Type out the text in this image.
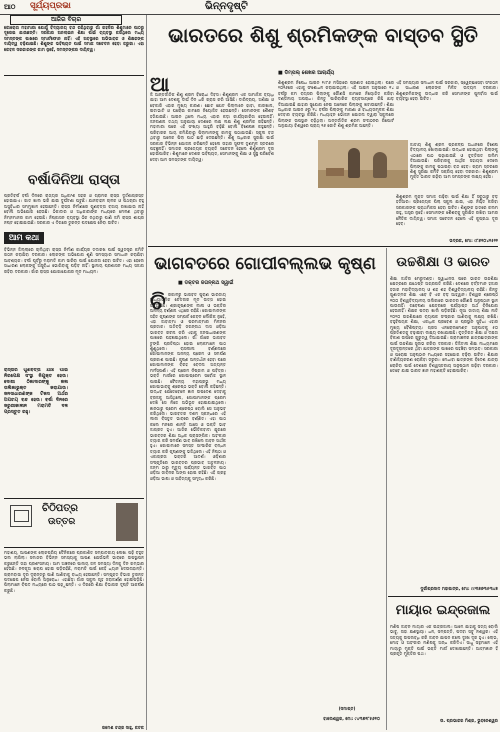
ଆଠ ସୂର୍ଯ୍ୟପ୍ରଭା	ଭିନ୍ନଦୃଷ୍ଟି
ଆଜିର ବିଚାର
କୋରୋନା ମହାମାରୀ ଯୋଗୁଁ ବିଦ୍ୟାଳୟ ବନ୍ଦ ରହିଥିବାରୁ ଗାଁ ଗହଳିର ଶିଶୁମାନେ ପାଠରୁ ଦୂରେଇ ଯାଉଛନ୍ତି। ସରକାର ଅନଲାଇନ ଶିକ୍ଷା ପାଇଁ ବ୍ୟବସ୍ଥା କରିଥିଲେ ମଧ୍ୟ ସମସ୍ତଙ୍କ ପାଖରେ ସ୍ମାର୍ଟଫୋନ ନାହିଁ। ଏହି ଅବସ୍ଥାରେ ଅଭିଭାବକ ଓ ଶିକ୍ଷକଙ୍କ ଦାୟିତ୍ୱ ବଢ଼ିଯାଇଛି। ଶିଶୁଙ୍କ ଭବିଷ୍ୟତ ପାଇଁ ସମାଜ ସଚେତନ ହେବା ଜରୁରୀ। ଏହା କେବଳ ସରକାରଙ୍କ କାମ ନୁହେଁ, ସମସ୍ତଙ୍କର ଦାୟିତ୍ୱ।
ବର୍ଷାଦିନିଆ ରାସ୍ତା
ପ୍ରତିବର୍ଷ ବର୍ଷା ଦିନରେ ରାଜ୍ୟର ଅଧିକାଂଶ ସହର ଓ ଗ୍ରାମର ରାସ୍ତା ଦୁର୍ଦ୍ଦଶାଗ୍ରସ୍ତ ହୋଇଯାଏ। ଗାତ ଖାଲ ଭରି ଯାଇ ଦୁର୍ଘଟଣା ଘଟୁଛି। ଯାନବାହନ ଚାଳକ ଓ ପଥଚାରୀ ବହୁ ଅସୁବିଧାର ସମ୍ମୁଖୀନ ହେଉଛନ୍ତି। ରାସ୍ତା ନିର୍ମାଣରେ ଗୁଣବତ୍ତା ବଜାୟ ରଖାଯାଉ ନାହିଁ ବୋଲି ଅଭିଯୋଗ ହେଉଛି। ଠିକାଦାର ଓ ଅଧିକାରୀଙ୍କ ମଧ୍ୟରେ ମେଳଣ ଥିବାରୁ ନିମ୍ନମାନର କାମ ହେଉଛି। ନିଷ୍କାସନ ବ୍ୟବସ୍ଥା ଠିକ ନଥିବାରୁ ପାଣି ଜମି ରାସ୍ତା ଶୀଘ୍ର ନଷ୍ଟ ହୋଇଯାଉଛି। ସରକାର ଏ ଦିଗରେ ତୁରନ୍ତ ପଦକ୍ଷେପ ନେବା ଉଚିତ।
ଆମ କଥା
ବିଭିନ୍ନ ଜିଲ୍ଲାରେ ଚାଲିଥିବା ରାସ୍ତା ନିର୍ମାଣ କାର୍ଯ୍ୟର ତଦାରଖ ପାଇଁ ସ୍ୱତନ୍ତ୍ର କମିଟି ଗଠନ କରାଯିବା ଦରକାର। ଲୋକଙ୍କ ଅଭିଯୋଗ ଶୁଣି ସମସ୍ୟାର ସମାଧାନ କରାଯିବା ଆବଶ୍ୟକ। ବର୍ଷା ପୂର୍ବରୁ ମରାମତି କାମ ସାରିବା ପାଇଁ ଯୋଜନା ହେବା ଉଚିତ। ଏହା ହେଲେ ସାଧାରଣ ଲୋକଙ୍କୁ ଅସୁବିଧା ଭୋଗିବାକୁ ପଡ଼ିବ ନାହିଁ। ସ୍ଥାନୀୟ ପ୍ରଶାସନ ମଧ୍ୟ ସଜାଗ ରହିବା ଦରକାର। ଗାଁର ରାସ୍ତା ଯୋଗାଯୋଗର ମୂଳ ମାଧ୍ୟମ।
ରାସ୍ତାର ଗୁଣବତ୍ତା ଯାଞ୍ଚ ପାଇଁ ନିରପେକ୍ଷ ସଂସ୍ଥା ନିଯୁକ୍ତ ହେଉ। ଦୋଷୀ ଠିକାଦାରଙ୍କୁ କଳା ତାଲିକାଭୁକ୍ତ କରାଯାଉ। ଜନସାଧାରଣଙ୍କ ଟିକସ ଅର୍ଥର ଅପଚୟ ବନ୍ଦ ହେଉ। ବର୍ଷା ଦିନରେ ଜରୁରୀକାଳୀନ ମରାମତି ଦଳ ପ୍ରସ୍ତୁତ ରହୁ।
ଚିଠିପତ୍ର
ଉତ୍ତର
ମହାଶୟ, ଆପଣଙ୍କ ଲୋକପ୍ରିୟ ଦୈନିକରେ ପ୍ରକାଶିତ ସମ୍ପାଦକୀୟ ଲେଖା ପଢ଼ି ବହୁତ ଭଲ ଲାଗିଲା। ସମାଜର ବିଭିନ୍ନ ସମସ୍ୟାକୁ ଆପଣ ଯେଉଁଭଳି ଭାବରେ ଉପସ୍ଥାପନ କରୁଛନ୍ତି ତାହା ପ୍ରଶଂସନୀୟ। ଆମ ଅଞ୍ଚଳରେ ପାନୀୟ ଜଳ ସମସ୍ୟା ଦିନକୁ ଦିନ ଗମ୍ଭୀର ହେଉଛି। ନଳକୂଅ ଖରାପ ହୋଇ ପଡ଼ିରହିଛି, ମରାମତି ପାଇଁ କେହି ଧ୍ୟାନ ଦେଉନାହାନ୍ତି। ଗ୍ରାମବାସୀ ଦୂର ଦୂରାନ୍ତରୁ ପାଣି ଆଣିବାକୁ ବାଧ୍ୟ ହେଉଛନ୍ତି। ସମ୍ପୃକ୍ତ ବିଭାଗ ତୁରନ୍ତ ପଦକ୍ଷେପ ନେଉ ବୋଲି ଅନୁରୋଧ। ଏହାଛଡ଼ା ଗାଁର ସ୍କୁଲ ଗୃହ ଜରାଜୀର୍ଣ୍ଣ ହୋଇପଡ଼ିଛି। ପିଲାମାନେ ବିପଦ ମଧ୍ୟରେ ପାଠ ପଢ଼ୁଛନ୍ତି। ଏ ଦିଗରେ ଶିକ୍ଷା ବିଭାଗର ଦୃଷ୍ଟି ଆକର୍ଷଣ କରୁଛି।
ରମେଶ ଚନ୍ଦ୍ର ସାହୁ, କଟକ
ଭାରତରେ ଶିଶୁ ଶ୍ରମିକଙ୍କ ବାସ୍ତବ ସ୍ଥିତି
■ ଡିମ୍ପଲ୍ ଶେଖର ଆଚାର୍ଯ୍ୟ
ଆ
ଜି ଆନ୍ତର୍ଜାତିକ ଶିଶୁ ଶ୍ରମ ବିରୋଧୀ ଦିବସ। ଶିଶୁଶ୍ରମ ଏକ ସାମାଜିକ ବ୍ୟାଧି ଯାହା ଆମ ଦେଶକୁ ଦୀର୍ଘ ଦିନ ଧରି ଗ୍ରାସ କରି ଆସିଛି। ଦାରିଦ୍ର୍ୟ, ଅଶିକ୍ଷା ଓ ବେକାରି ଏହାର ମୁଖ୍ୟ କାରଣ। ଛୋଟ ଛୋଟ ପିଲାମାନେ ଢାବା, କାରଖାନା, ଇଟାଭାଟି ଓ ଘରୋଇ କାମରେ ନିୟୋଜିତ ହେଉଛନ୍ତି। ସେମାନଙ୍କ ଶୈଶବ ହଜିଯାଉଛି। ଆଇନ ଥିଲେ ମଧ୍ୟ ଏହାର କଡ଼ା କାର୍ଯ୍ୟକାରିତା ହେଉନାହିଁ। ଜନଗଣନା ତଥ୍ୟ ଅନୁଯାୟୀ ଦେଶରେ ଲକ୍ଷ ଲକ୍ଷ ଶିଶୁ ଶ୍ରମିକ ରହିଛନ୍ତି। ମହାମାରୀ ପରେ ଏହି ସଂଖ୍ୟା ଆହୁରି ବଢ଼ିଛି ବୋଲି ବିଶେଷଜ୍ଞ କହୁଛନ୍ତି। ପରିବାରର ଆୟ କମିଯିବାରୁ ପିଲାମାନଙ୍କୁ କାମକୁ ପଠାଯାଉଛି। ସ୍କୁଲ ବନ୍ଦ ଥିବାରୁ ଅନେକ ପିଲା ପାଠ ଛାଡ଼ି ଦେଇଛନ୍ତି। ଶିଶୁ ଅଧିକାର ସୁରକ୍ଷା ପାଇଁ ସରକାର ବିଭିନ୍ନ ଯୋଜନା କରିଛନ୍ତି ହେଲେ ତାହାର ସୁଫଳ ତୃଣମୂଳ ସ୍ତରରେ ପହଞ୍ଚୁନାହିଁ। ସମାଜର ପ୍ରତ୍ୟେକ ବ୍ୟକ୍ତି ସଚେତନ ହେଲେ ଶିଶୁଶ୍ରମ ଦୂର ହୋଇପାରିବ। ଶିଶୁମାନେ ଦେଶର ଭବିଷ୍ୟତ, ସେମାନଙ୍କୁ ଶିକ୍ଷା ଓ ସୁସ୍ଥ ପରିବେଶ ଦେବା ଆମ ସମସ୍ତଙ୍କ ଦାୟିତ୍ୱ।
ଶିଶୁଶ୍ରମ ନିଷେଧ ଆଇନ ୧୯୮୬ ମସିହାରେ ପ୍ରଣୀତ ହୋଇଥିଲା। ପରେ ୨୦୧୬ରେ ଏହାକୁ ସଂଶୋଧନ କରାଯାଇଥିଲା। ଏହି ଆଇନ ଅନୁସାରେ ୧୪ ବର୍ଷରୁ କମ ବୟସର ପିଲାଙ୍କୁ କୌଣସି କାମରେ ନିୟୋଜିତ କରିବା ଦଣ୍ଡନୀୟ ଅପରାଧ। କିନ୍ତୁ ପାରିବାରିକ ବ୍ୟବସାୟରେ କିଛି ଛାଡ଼ ଦିଆଯାଇଛି ଯାହାର ସୁଯୋଗ ନେଇ ଅନେକେ ପିଲାଙ୍କୁ ଖଟାଉଛନ୍ତି। ଶିକ୍ଷା ଅଧିକାର ଆଇନ ୬ରୁ ୧୪ ବର୍ଷର ପିଲାଙ୍କୁ ମାଗଣା ଓ ବାଧ୍ୟତାମୂଳକ ଶିକ୍ଷା ଦେବାର ବ୍ୟବସ୍ଥା କରିଛି। ମଧ୍ୟାହ୍ନ ଭୋଜନ ଯୋଜନା ଦ୍ୱାରା ସ୍କୁଲରେ ପିଲାଙ୍କ ଉପସ୍ଥାନ ବଢ଼ିଥିଲା। ଅନ୍ତର୍ଜାତିକ ଶ୍ରମ ସଂଗଠନର ରିପୋର୍ଟ ଅନୁଯାୟୀ ବିଶ୍ୱରେ ପ୍ରାୟ ୧୬ କୋଟି ଶିଶୁ ଶ୍ରମିକ ଅଛନ୍ତି।
ଏହି ସମସ୍ୟାର ସମାଧାନ ପାଇଁ ସରକାର, ସ୍ୱେଚ୍ଛାସେବୀ ସଂଗଠନ ଓ ସାଧାରଣ ଲୋକଙ୍କ ମିଳିତ ଉଦ୍ୟମ ଦରକାର। ଶିଶୁଶ୍ରମିକଙ୍କୁ ଉଦ୍ଧାର କରି ସେମାନଙ୍କ ପୁନର୍ବାସ ପାଇଁ ବ୍ୟବସ୍ଥା ହେବା ଉଚିତ।
ଜାତୀୟ ଶିଶୁ ଶ୍ରମ ପ୍ରକଳ୍ପ ଅଧୀନରେ ବିଶେଷ ବିଦ୍ୟାଳୟ ଖୋଲାଯାଇଛି। ଉଦ୍ଧାର ହୋଇଥିବା ପିଲାଙ୍କୁ ଏଠାରେ ପାଠ ପଢ଼ାଯାଉଛି ଓ ବୃତ୍ତିଗତ ତାଲିମ ଦିଆଯାଉଛି। ପରିବାରକୁ ଆର୍ଥିକ ସହାୟତା ଦେଲେ ପିଲାଙ୍କୁ କାମକୁ ପଠାଇବା ବନ୍ଦ ହେବ। ଗ୍ରାମ ସ୍ତରରେ ଶିଶୁ ସୁରକ୍ଷା କମିଟି ସକ୍ରିୟ ହେବା ଦରକାର। ଶିଶୁଶ୍ରମ ମୁକ୍ତ ଭାରତ ଗଢ଼ିବା ଆମ ସମସ୍ତଙ୍କ ଲକ୍ଷ୍ୟ ହେଉ।
ଶିଶୁଶ୍ରମ ମୁକ୍ତ ସମାଜ ଗଢ଼ିବା ପାଇଁ ଶିକ୍ଷା ହିଁ ସବୁଠାରୁ ବଡ଼ ହତିଆର। ପ୍ରତ୍ୟେକ ପିଲା ସ୍କୁଲ ଯାଉ, ଏହା ନିଶ୍ଚିତ କରିବା ସରକାରଙ୍କ ପ୍ରାଥମିକତା ହେବା ଉଚିତ। ଶିଶୁଙ୍କ ହାତରେ କଲମ ରହୁ, ଅସ୍ତ୍ର ନୁହେଁ। ସେମାନଙ୍କ ଶୈଶବକୁ ସୁରକ୍ଷିତ ରଖିବା ଆମର ନୈତିକ ଦାୟିତ୍ୱ। ସମାଜ ସଚେତନ ହେଲେ ଏହି କୁପ୍ରଥା ଦୂର ହେବ।
ଭଦ୍ରକ, ମୋ: ୯୮୬୧୦୪୧୫୨୨
ଭାଗବତରେ ଗୋପୀବଲ୍ଲଭ କୃଷ୍ଣ
■ ଡକ୍ଟର ଜଗନ୍ନାଥ ସ୍ୱାଇଁ
ଚି ରକାଳରୁ ଭାଗବତ ପୁରାଣ ଭାରତୀୟ ଆଧ୍ୟାତ୍ମିକ ଚେତନାର ମୂଳ ଉତ୍ସ ହୋଇ ରହିଆସିଛି। ଶ୍ରୀକୃଷ୍ଣଙ୍କ ଲୀଳା ଓ ଭକ୍ତିର ଅନନ୍ୟ ବର୍ଣ୍ଣନା ଏଥିରେ ରହିଛି। ଗୋପୀମାନଙ୍କ ସହିତ କୃଷ୍ଣଙ୍କ ସମ୍ପର୍କ କେବଳ ଲୌକିକ ନୁହେଁ, ଏହା ଜୀବାତ୍ମା ଓ ପରମାତ୍ମାର ମିଳନର ପ୍ରତୀକ। ଅତିବଡ଼ି ଜଗନ୍ନାଥ ଦାସ ଓଡ଼ିଆ ଭାଗବତ ରଚନା କରି ଏହାକୁ ଜନସାଧାରଣଙ୍କ ପାଖରେ ପହଞ୍ଚାଇଥିଲେ। ଗାଁ ଗାଁରେ ଭାଗବତ ଟୁଙ୍ଗି ପ୍ରତିଷ୍ଠା ହୋଇ ଲୋକମାନେ ପାଠ ଶୁଣୁଥିଲେ। ରାସଲୀଳା ବର୍ଣ୍ଣନାରେ ଗୋପୀମାନଙ୍କ ଅନନ୍ୟ ପ୍ରେମ ଓ ସମର୍ପଣ ପ୍ରକାଶ ପାଇଛି। କୃଷ୍ଣ ଅନ୍ତର୍ଧାନ ହେବା ପରେ ଗୋପୀମାନଙ୍କ ବିରହ ବେଦନା ଅତ୍ୟନ୍ତ ମର୍ମସ୍ପର୍ଶୀ। ଏହି ପ୍ରେମ ନିଷ୍କାମ ଓ ପବିତ୍ର। ଭକ୍ତି ମାର୍ଗରେ ଗୋପୀପ୍ରେମ ସର୍ବୋଚ୍ଚ ସ୍ଥାନ ପାଇଛି। ଚୈତନ୍ୟ ମହାପ୍ରଭୁ ମଧ୍ୟ ଗୋପୀଭାବକୁ ଶ୍ରେଷ୍ଠ ଭକ୍ତି ବୋଲି କହିଛନ୍ତି। ଉଦ୍ଧବ ଯେତେବେଳେ ଜ୍ଞାନ ଉପଦେଶ ଦେବାକୁ ବ୍ରଜକୁ ଆସିଥିଲେ, ଗୋପୀମାନଙ୍କ ପ୍ରେମ ଦେଖି ସେ ନିଜେ ଅଭିଭୂତ ହୋଇଯାଇଥିଲେ। ଜ୍ଞାନଠାରୁ ପ୍ରେମ ଶ୍ରେଷ୍ଠ ବୋଲି ସେ ଅନୁଭବ କରିଥିଲେ। ଭାଗବତର ଦଶମ ସ୍କନ୍ଧରେ ଏହି ଲୀଳା ବିସ୍ତୃତ ଭାବରେ ବର୍ଣ୍ଣିତ। ଏହା ପାଠ କଲେ ମନରେ ଶାନ୍ତି ଆସେ ଓ ଭକ୍ତି ଭାବ ଜାଗ୍ରତ ହୁଏ। ଆଜିର ଭୌତିକବାଦୀ ଯୁଗରେ ଭାଗବତର ଶିକ୍ଷା ଅଧିକ ପ୍ରାସଙ୍ଗିକ। ଅହଂକାର ତ୍ୟାଗ କରି ସମର୍ପଣ ଭାବ ରଖିଲେ ଜୀବନ ସାର୍ଥକ ହୁଏ। ଗୋପୀମାନେ ସମସ୍ତ ସାଂସାରିକ ବନ୍ଧନ ତ୍ୟାଗ କରି କୃଷ୍ଣଙ୍କୁ ଭଜିଥିଲେ। ଏହି ନିଷ୍ଠା ଓ ଏକାଗ୍ରତା ଭକ୍ତର ଆଦର୍ଶ। ଓଡ଼ିଶାର ସଂସ୍କୃତିରେ ଭାଗବତର ପ୍ରଭାବ ଅତୁଳନୀୟ। ଜନ୍ମ ଠାରୁ ମୃତ୍ୟୁ ପର୍ଯ୍ୟନ୍ତ ଭାଗବତ ପାଠ ଓଡ଼ିଆ ଜୀବନର ଅଙ୍ଗ ହୋଇ ରହିଛି। ଏହି ଗ୍ରନ୍ଥ ଓଡ଼ିଆ ଭାଷା ଓ ସାହିତ୍ୟକୁ ସମୃଦ୍ଧ କରିଛି।
(ସମାପ୍ତ)
ବାଲେଶ୍ୱର, ମୋ: ୯୪୩୭୨୮୫୬୧୦
ଉଚ୍ଚଶିକ୍ଷା ଓ ଭାରତ
ଶିକ୍ଷା ଜାତିର ମେରୁଦଣ୍ଡ। ସ୍ୱାଧୀନତା ପରେ ଭାରତ ଉଚ୍ଚଶିକ୍ଷା କ୍ଷେତ୍ରରେ ଯଥେଷ୍ଟ ଅଗ୍ରଗତି କରିଛି। ଦେଶରେ ବର୍ତ୍ତମାନ ହଜାର ହଜାର ମହାବିଦ୍ୟାଳୟ ଓ ଶହ ଶହ ବିଶ୍ୱବିଦ୍ୟାଳୟ ରହିଛି। କିନ୍ତୁ ଗୁଣାତ୍ମକ ଶିକ୍ଷା ଏବେ ବି ଏକ ବଡ଼ ଆହ୍ୱାନ। ବିଶ୍ୱର ଶ୍ରେଷ୍ଠ ୧୦୦ ବିଶ୍ୱବିଦ୍ୟାଳୟ ତାଲିକାରେ ଭାରତର କୌଣସି ଅନୁଷ୍ଠାନ ସ୍ଥାନ ପାଉନାହିଁ। ଗବେଷଣା କ୍ଷେତ୍ରରେ ପର୍ଯ୍ୟାପ୍ତ ଅର୍ଥ ବିନିଯୋଗ ହେଉନାହିଁ। ଶିକ୍ଷକ ପଦବୀ ଖାଲି ପଡ଼ିରହିଛି। ନୂଆ ଜାତୀୟ ଶିକ୍ଷା ନୀତି ୨୦୨୦ ଉଚ୍ଚଶିକ୍ଷାରେ ବ୍ୟାପକ ସଂସ୍କାର ଆଣିବାକୁ ଲକ୍ଷ୍ୟ ରଖିଛି। ବହୁବିଷୟକ ଶିକ୍ଷା, ଏକାଧିକ ପ୍ରବେଶ ଓ ପ୍ରସ୍ଥାନ ସୁବିଧା ଏହାର ମୁଖ୍ୟ ବୈଶିଷ୍ଟ୍ୟ। ଗ୍ରସ ଏନରୋଲମେଣ୍ଟ ଅନୁପାତକୁ ୫୦ ପ୍ରତିଶତକୁ ବଢ଼ାଇବା ଲକ୍ଷ୍ୟ ରଖାଯାଇଛି। ବୃତ୍ତିଗତ ଶିକ୍ଷା ଓ ଦକ୍ଷତା ବିକାଶ ଉପରେ ଗୁରୁତ୍ୱ ଦିଆଯାଇଛି। ଗ୍ରାମାଞ୍ଚଳର ଛାତ୍ରଛାତ୍ରୀଙ୍କ ପାଇଁ ଉଚ୍ଚଶିକ୍ଷା ସୁଲଭ କରିବା ଦରକାର। ଡିଜିଟାଲ ଶିକ୍ଷା ମାଧ୍ୟମରେ ଦୂରଦୂରାନ୍ତରେ ଥିବା ଛାତ୍ରଙ୍କ ପାଖରେ ପହଞ୍ଚିବା ସମ୍ଭବ। ସରକାରୀ ଓ ଘରୋଇ ଅନୁଷ୍ଠାନ ମଧ୍ୟରେ ସହଯୋଗ ବଢ଼ିବା ଉଚିତ। ଶିକ୍ଷାର ବାଣିଜ୍ୟିକରଣ ରୋକିବା ଜରୁରୀ। ମେଧାବୀ ଛାତ୍ରଙ୍କ ବିଦେଶ ଯାତ୍ରା ରୋକିବା ପାଇଁ ଦେଶରେ ବିଶ୍ୱସ୍ତରୀୟ ଅନୁଷ୍ଠାନ ଗଢ଼ିବା ଦରକାର। ତେବେ ଯାଇ ଭାରତ ଜ୍ଞାନ ମହାଶକ୍ତି ହୋଇପାରିବ।
ଦୁର୍ଗାପ୍ରସାଦ ମହାପାତ୍ର, ମୋ: ୯୯୩୭୭୩୫୩୪୭
ମାୟାର ଇନ୍ଦ୍ରଜାଲ
ମଣିଷ ଜୀବନ ମାୟାର ଏକ ଇନ୍ଦ୍ରଜାଲ। ଆମେ ଯାହାକୁ ସତ୍ୟ ବୋଲି ଭାବୁ, ତାହା କ୍ଷଣସ୍ଥାୟୀ। ଧନ, ସମ୍ପତ୍ତି, ପଦବୀ ସବୁ ନଶ୍ୱର। ଏହି ସତ୍ୟକୁ ଉପଲବ୍ଧି କରି ଜୀବନ ଯାପନ କଲେ ଦୁଃଖ ଦୂର ହୁଏ। ଲୋଭ, ମୋହ ଓ ଅହଂକାର ମଣିଷକୁ ଅନ୍ଧ କରିଦିଏ। ସାଧୁ ସନ୍ଥମାନେ ଏହି ମାୟାରୁ ମୁକ୍ତି ପାଇଁ ଭକ୍ତି ମାର୍ଗ ଦେଖାଇଛନ୍ତି। ଆତ୍ମଜ୍ଞାନ ହିଁ ପ୍ରକୃତ ମୁକ୍ତିର ପଥ।
ଉ. ପ୍ରଭାକର ମିଶ୍ର, ଭୁବନେଶ୍ୱର
